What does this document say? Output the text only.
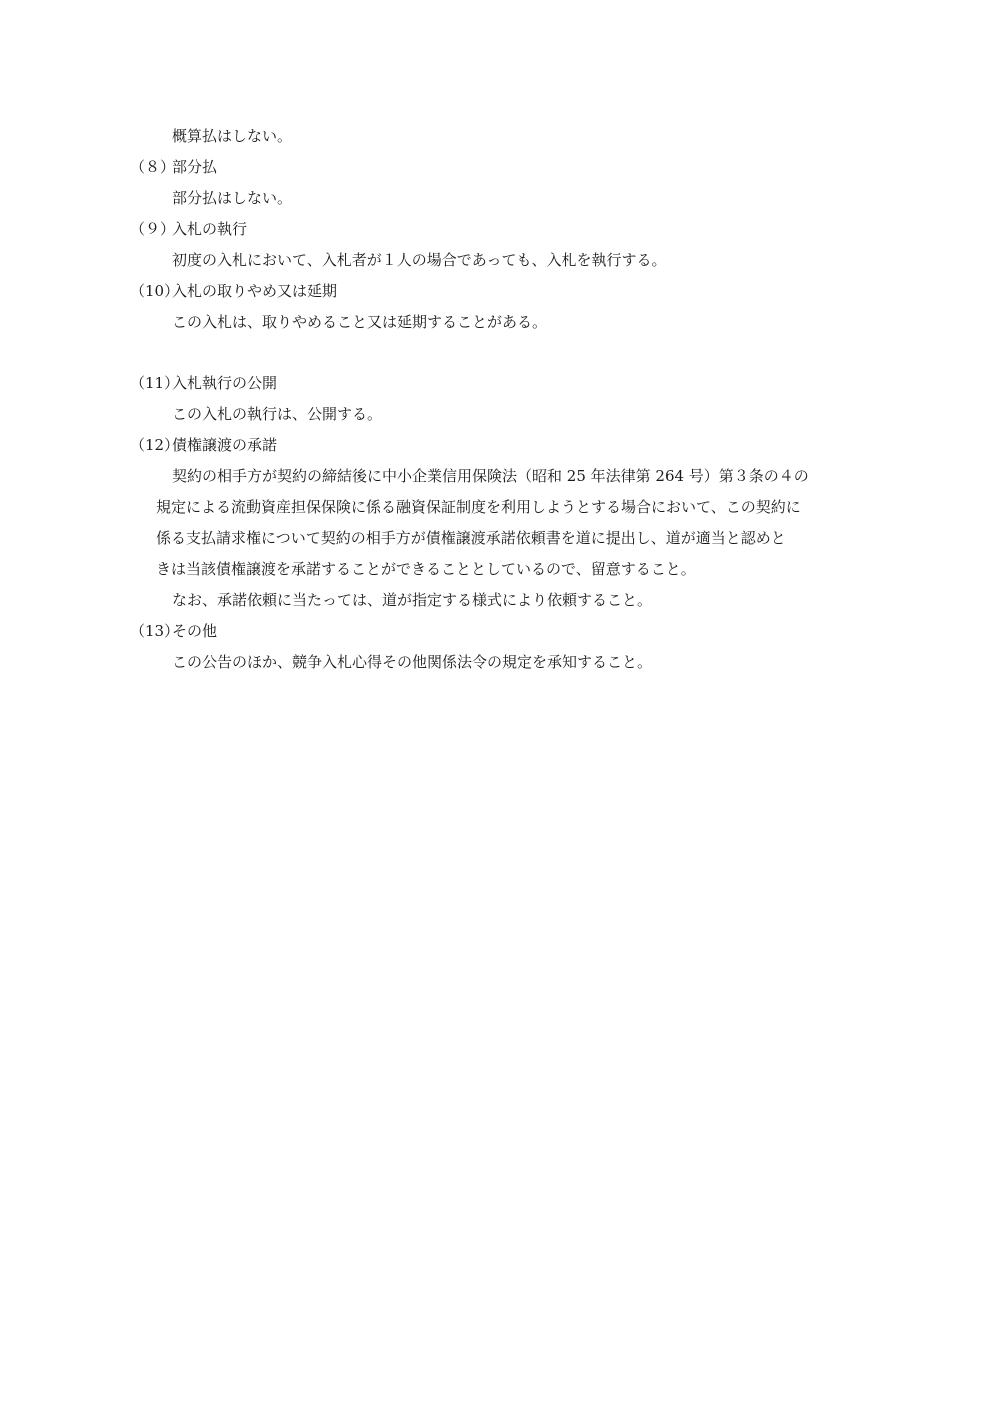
概算払はしない。

（８）
部分払

部分払はしない。

（９）
入札の執行

初度の入札において、入札者が１人の場合であっても、入札を執行する。

（10）
入札の取りやめ又は延期

この入札は、取りやめること又は延期することがある。

（11）
入札執行の公開

この入札の執行は、公開する。

（12）
債権譲渡の承諾

契約の相手方が契約の締結後に中小企業信用保険法（昭和 25 年法律第 264 号）第３条の４の

規定による流動資産担保保険に係る融資保証制度を利用しようとする場合において、この契約に

係る支払請求権について契約の相手方が債権譲渡承諾依頼書を道に提出し、道が適当と認めと

きは当該債権譲渡を承諾することができることとしているので、留意すること。

なお、承諾依頼に当たっては、道が指定する様式により依頼すること。

（13）
その他

この公告のほか、競争入札心得その他関係法令の規定を承知すること。
